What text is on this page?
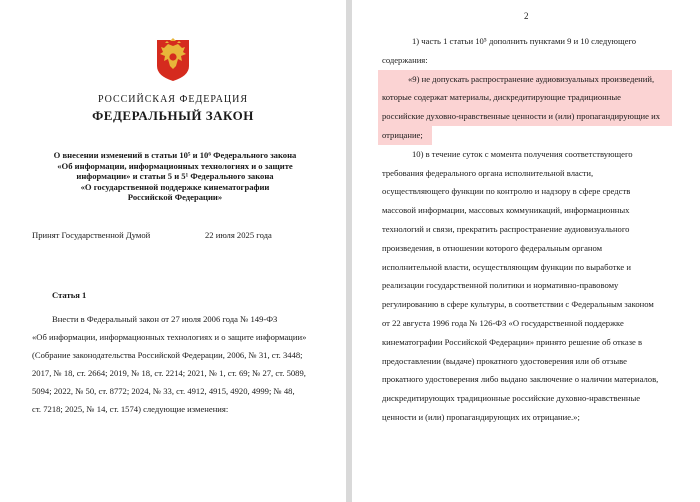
РОССИЙСКАЯ ФЕДЕРАЦИЯ
ФЕДЕРАЛЬНЫЙ ЗАКОН
О внесении изменений в статьи 10⁵ и 10⁶ Федерального закона
«Об информации, информационных технологиях и о защите
информации» и статьи 5 и 5¹ Федерального закона
«О государственной поддержке кинематографии
Российской Федерации»
Принят Государственной Думой	22 июля 2025 года
Статья 1
Внести в Федеральный закон от 27 июля 2006 года № 149-ФЗ
«Об информации, информационных технологиях и о защите информации»
(Собрание законодательства Российской Федерации, 2006, № 31, ст. 3448;
2017, № 18, ст. 2664; 2019, № 18, ст. 2214; 2021, № 1, ст. 69; № 27, ст. 5089,
5094; 2022, № 50, ст. 8772; 2024, № 33, ст. 4912, 4915, 4920, 4999; № 48,
ст. 7218; 2025, № 14, ст. 1574) следующие изменения:
2
1) часть 1 статьи 10⁵ дополнить пунктами 9 и 10 следующего
содержания:
«9) не допускать распространение аудиовизуальных произведений,
которые содержат материалы, дискредитирующие традиционные
российские духовно-нравственные ценности и (или) пропагандирующие их
отрицание;
10) в течение суток с момента получения соответствующего
требования федерального органа исполнительной власти,
осуществляющего функции по контролю и надзору в сфере средств
массовой информации, массовых коммуникаций, информационных
технологий и связи, прекратить распространение аудиовизуального
произведения, в отношении которого федеральным органом
исполнительной власти, осуществляющим функции по выработке и
реализации государственной политики и нормативно-правовому
регулированию в сфере культуры, в соответствии с Федеральным законом
от 22 августа 1996 года № 126-ФЗ «О государственной поддержке
кинематографии Российской Федерации» принято решение об отказе в
предоставлении (выдаче) прокатного удостоверения или об отзыве
прокатного удостоверения либо выдано заключение о наличии материалов,
дискредитирующих традиционные российские духовно-нравственные
ценности и (или) пропагандирующих их отрицание.»;
